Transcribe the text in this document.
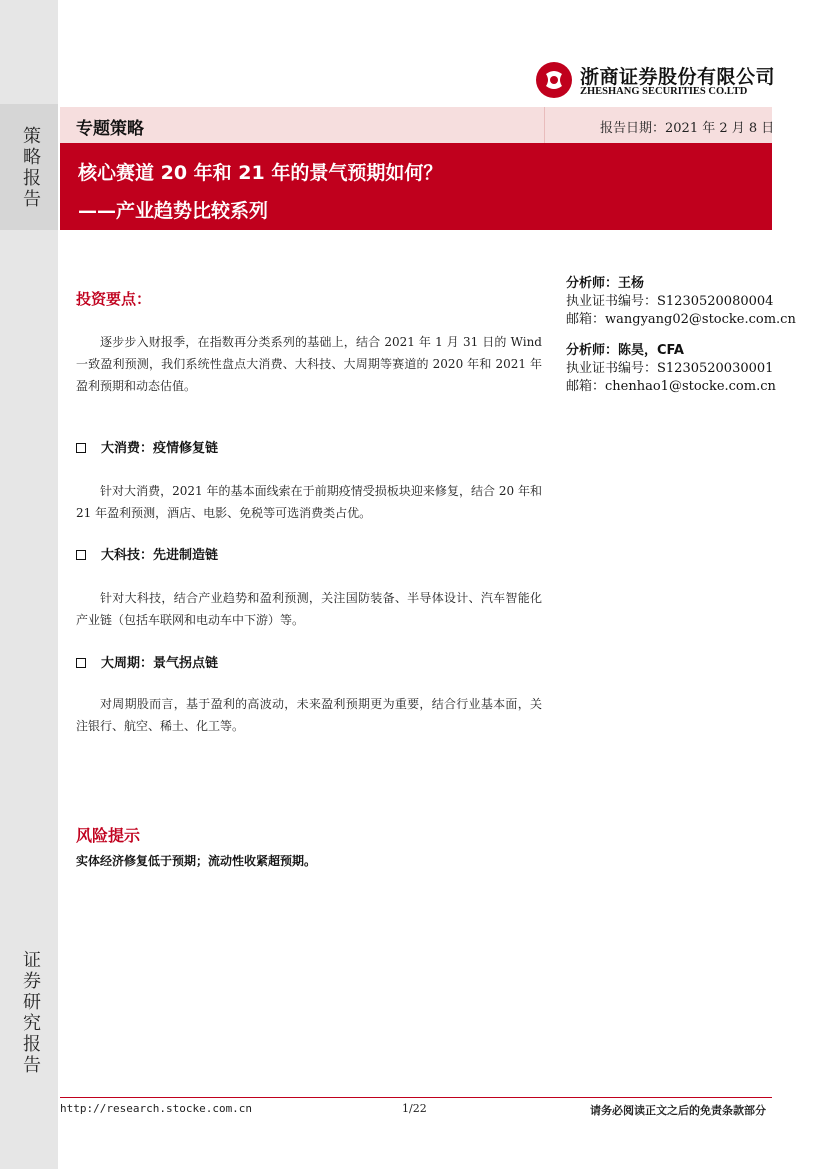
策
略
报
告
证
券
研
究
报
告
浙商证券股份有限公司
ZHESHANG SECURITIES CO.LTD
专题策略	报告日期：2021 年 2 月 8 日
核心赛道 20 年和 21 年的景气预期如何？
——产业趋势比较系列
投资要点：
逐步步入财报季，在指数再分类系列的基础上，结合 2021 年 1 月 31 日的 Wind 一致盈利预测，我们系统性盘点大消费、大科技、大周期等赛道的 2020 年和 2021 年盈利预期和动态估值。
大消费：疫情修复链
针对大消费，2021 年的基本面线索在于前期疫情受损板块迎来修复，结合 20 年和 21 年盈利预测，酒店、电影、免税等可选消费类占优。
大科技：先进制造链
针对大科技，结合产业趋势和盈利预测，关注国防装备、半导体设计、汽车智能化产业链（包括车联网和电动车中下游）等。
大周期：景气拐点链
对周期股而言，基于盈利的高波动，未来盈利预期更为重要，结合行业基本面，关注银行、航空、稀土、化工等。
风险提示
实体经济修复低于预期；流动性收紧超预期。
分析师：王杨
执业证书编号：S1230520080004
邮箱：wangyang02@stocke.com.cn
分析师：陈昊，CFA
执业证书编号：S1230520030001
邮箱：chenhao1@stocke.com.cn
http://research.stocke.com.cn	1/22	请务必阅读正文之后的免责条款部分
